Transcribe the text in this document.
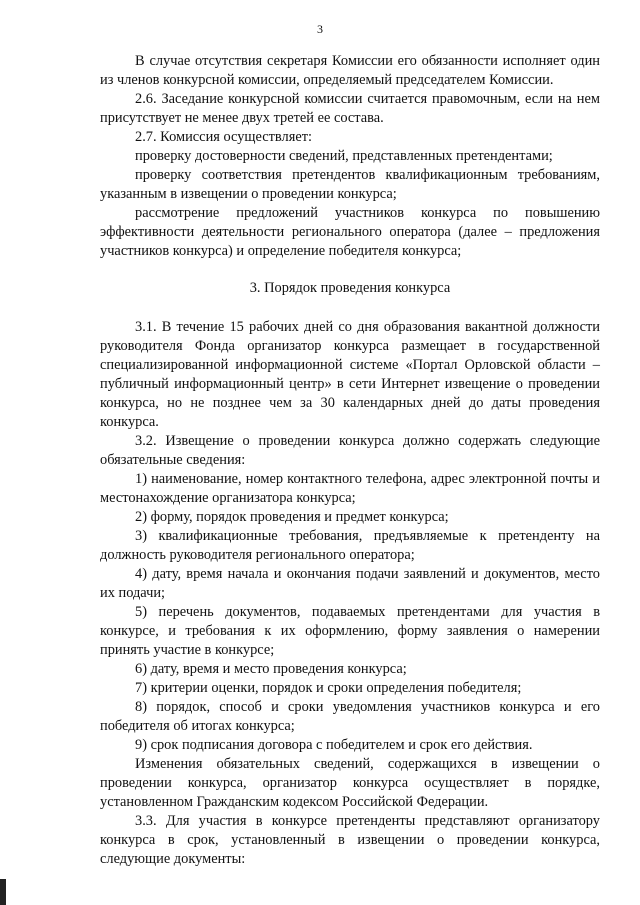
3

В случае отсутствия секретаря Комиссии его обязанности исполняет один из членов конкурсной комиссии, определяемый председателем Комиссии.

2.6. Заседание конкурсной комиссии считается правомочным, если на нем присутствует не менее двух третей ее состава.

2.7. Комиссия осуществляет:

проверку достоверности сведений, представленных претендентами;

проверку соответствия претендентов квалификационным требованиям, указанным в извещении о проведении конкурса;

рассмотрение предложений участников конкурса по повышению эффективности деятельности регионального оператора (далее – предложения участников конкурса) и определение победителя конкурса;

3. Порядок проведения конкурса

3.1. В течение 15 рабочих дней со дня образования вакантной должности руководителя Фонда организатор конкурса размещает в государственной специализированной информационной системе «Портал Орловской области – публичный информационный центр» в сети Интернет извещение о проведении конкурса, но не позднее чем за 30 календарных дней до даты проведения конкурса.

3.2. Извещение о проведении конкурса должно содержать следующие обязательные сведения:

1) наименование, номер контактного телефона, адрес электронной почты и местонахождение организатора конкурса;

2) форму, порядок проведения и предмет конкурса;

3) квалификационные требования, предъявляемые к претенденту на должность руководителя регионального оператора;

4) дату, время начала и окончания подачи заявлений и документов, место их подачи;

5) перечень документов, подаваемых претендентами для участия в конкурсе, и требования к их оформлению, форму заявления о намерении принять участие в конкурсе;

6) дату, время и место проведения конкурса;

7) критерии оценки, порядок и сроки определения победителя;

8) порядок, способ и сроки уведомления участников конкурса и его победителя об итогах конкурса;

9) срок подписания договора с победителем и срок его действия.

Изменения обязательных сведений, содержащихся в извещении о проведении конкурса, организатор конкурса осуществляет в порядке, установленном Гражданским кодексом Российской Федерации.

3.3. Для участия в конкурсе претенденты представляют организатору конкурса в срок, установленный в извещении о проведении конкурса, следующие документы:
